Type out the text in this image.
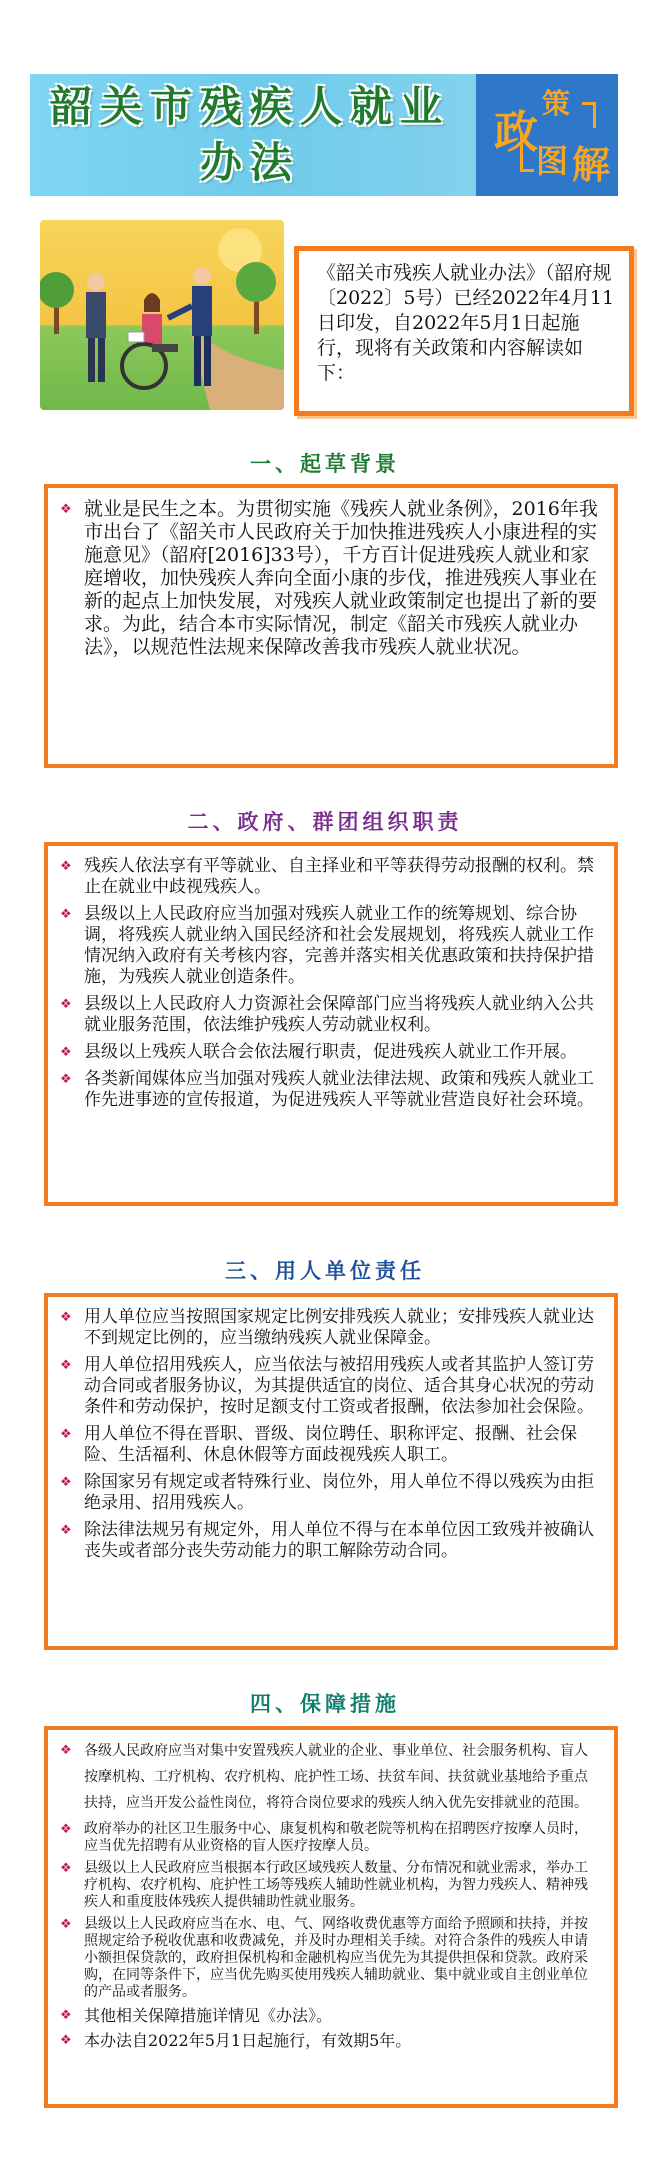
韶关市残疾人就业
办法
政
策
图 解

《韶关市残疾人就业办法》（韶府规〔2022〕5号）已经2022年4月11日印发，自2022年5月1日起施行，现将有关政策和内容解读如下：

一、起草背景
❖ 就业是民生之本。为贯彻实施《残疾人就业条例》，2016年我市出台了《韶关市人民政府关于加快推进残疾人小康进程的实施意见》（韶府[2016]33号），千方百计促进残疾人就业和家庭增收，加快残疾人奔向全面小康的步伐，推进残疾人事业在新的起点上加快发展，对残疾人就业政策制定也提出了新的要求。为此，结合本市实际情况，制定《韶关市残疾人就业办法》，以规范性法规来保障改善我市残疾人就业状况。
二、政府、群团组织职责
❖ 残疾人依法享有平等就业、自主择业和平等获得劳动报酬的权利。禁止在就业中歧视残疾人。
❖ 县级以上人民政府应当加强对残疾人就业工作的统筹规划、综合协调，将残疾人就业纳入国民经济和社会发展规划，将残疾人就业工作情况纳入政府有关考核内容，完善并落实相关优惠政策和扶持保护措施，为残疾人就业创造条件。
❖ 县级以上人民政府人力资源社会保障部门应当将残疾人就业纳入公共就业服务范围，依法维护残疾人劳动就业权利。
❖ 县级以上残疾人联合会依法履行职责，促进残疾人就业工作开展。
❖ 各类新闻媒体应当加强对残疾人就业法律法规、政策和残疾人就业工作先进事迹的宣传报道，为促进残疾人平等就业营造良好社会环境。
三、用人单位责任
❖ 用人单位应当按照国家规定比例安排残疾人就业；安排残疾人就业达不到规定比例的，应当缴纳残疾人就业保障金。
❖ 用人单位招用残疾人，应当依法与被招用残疾人或者其监护人签订劳动合同或者服务协议，为其提供适宜的岗位、适合其身心状况的劳动条件和劳动保护，按时足额支付工资或者报酬，依法参加社会保险。
❖ 用人单位不得在晋职、晋级、岗位聘任、职称评定、报酬、社会保险、生活福利、休息休假等方面歧视残疾人职工。
❖ 除国家另有规定或者特殊行业、岗位外，用人单位不得以残疾为由拒绝录用、招用残疾人。
❖ 除法律法规另有规定外，用人单位不得与在本单位因工致残并被确认丧失或者部分丧失劳动能力的职工解除劳动合同。
四、保障措施
❖ 各级人民政府应当对集中安置残疾人就业的企业、事业单位、社会服务机构、盲人按摩机构、工疗机构、农疗机构、庇护性工场、扶贫车间、扶贫就业基地给予重点扶持，应当开发公益性岗位，将符合岗位要求的残疾人纳入优先安排就业的范围。
❖ 政府举办的社区卫生服务中心、康复机构和敬老院等机构在招聘医疗按摩人员时，应当优先招聘有从业资格的盲人医疗按摩人员。
❖ 县级以上人民政府应当根据本行政区域残疾人数量、分布情况和就业需求，举办工疗机构、农疗机构、庇护性工场等残疾人辅助性就业机构，为智力残疾人、精神残疾人和重度肢体残疾人提供辅助性就业服务。
❖ 县级以上人民政府应当在水、电、气、网络收费优惠等方面给予照顾和扶持，并按照规定给予税收优惠和收费减免，并及时办理相关手续。对符合条件的残疾人申请小额担保贷款的，政府担保机构和金融机构应当优先为其提供担保和贷款。政府采购，在同等条件下，应当优先购买使用残疾人辅助就业、集中就业或自主创业单位的产品或者服务。
❖ 其他相关保障措施详情见《办法》。
❖ 本办法自2022年5月1日起施行，有效期5年。
